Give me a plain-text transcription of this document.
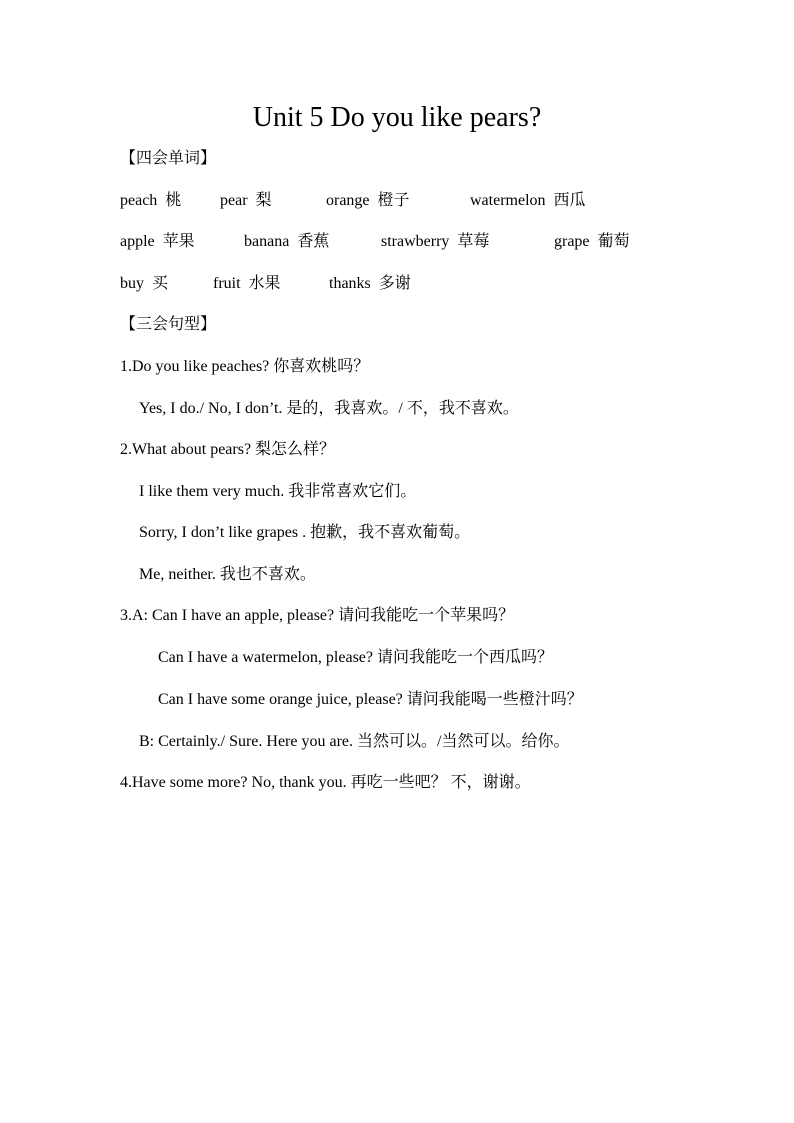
Unit 5 Do you like pears?
【四会单词】
peach 桃 pear 梨	orange 橙子	watermelon 西瓜
apple 苹果	banana 香蕉	strawberry 草莓	grape 葡萄
buy 买	fruit 水果	thanks 多谢
【三会句型】
1.Do you like peaches? 你喜欢桃吗？
Yes, I do./ No, I don’t. 是的，我喜欢。/ 不，我不喜欢。
2.What about pears? 梨怎么样？
I like them very much. 我非常喜欢它们。
Sorry, I don’t like grapes . 抱歉，我不喜欢葡萄。
Me, neither. 我也不喜欢。
3.A: Can I have an apple, please? 请问我能吃一个苹果吗？
Can I have a watermelon, please? 请问我能吃一个西瓜吗？
Can I have some orange juice, please? 请问我能喝一些橙汁吗？
B: Certainly./ Sure. Here you are. 当然可以。/当然可以。给你。
4.Have some more? No, thank you. 再吃一些吧？ 不，谢谢。
